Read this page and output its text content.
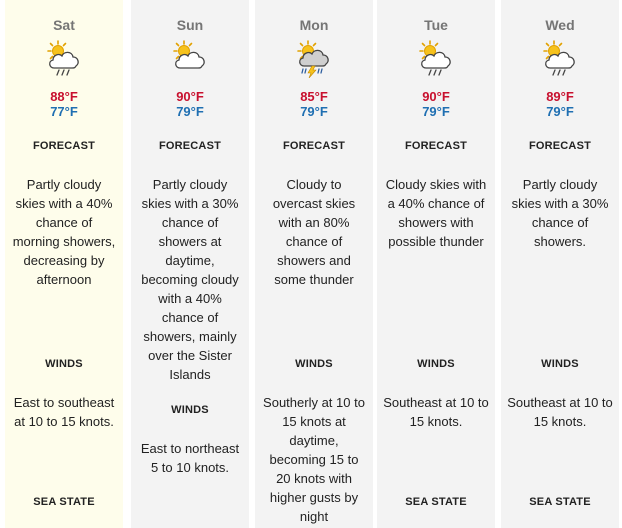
Sat
88°F
77°F
FORECAST
Partly cloudy skies with a 40% chance of morning showers, decreasing by afternoon
WINDS
East to southeast at 10 to 15 knots.
SEA STATE
Sun
90°F
79°F
FORECAST
Partly cloudy skies with a 30% chance of showers at daytime, becoming cloudy with a 40% chance of showers, mainly over the Sister Islands
WINDS
East to northeast 5 to 10 knots.
Mon
85°F
79°F
FORECAST
Cloudy to overcast skies with an 80% chance of showers and some thunder
WINDS
Southerly at 10 to 15 knots at daytime, becoming 15 to 20 knots with higher gusts by night
Tue
90°F
79°F
FORECAST
Cloudy skies with a 40% chance of showers with possible thunder
WINDS
Southeast at 10 to 15 knots.
SEA STATE
Wed
89°F
79°F
FORECAST
Partly cloudy skies with a 30% chance of showers.
WINDS
Southeast at 10 to 15 knots.
SEA STATE
